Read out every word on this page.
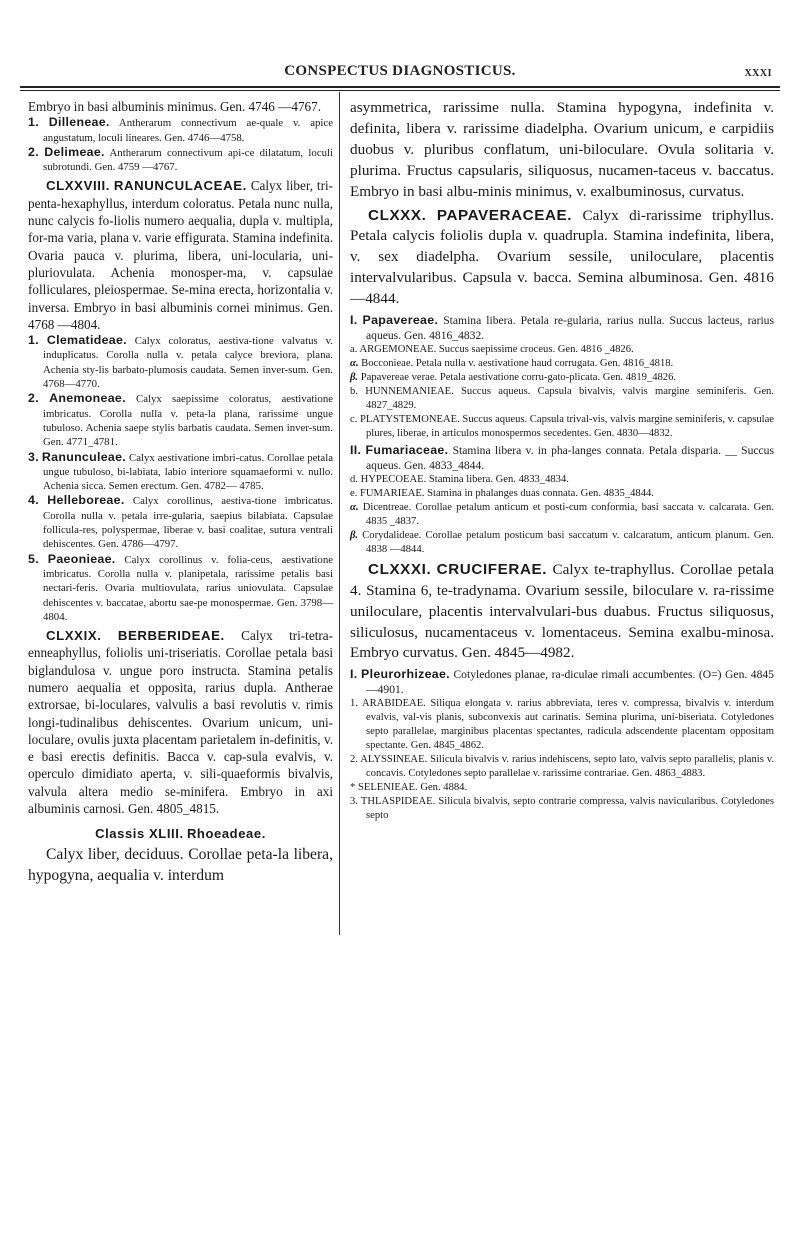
CONSPECTUS DIAGNOSTICUS.	XXXI

Embryo in basi albuminis minimus. Gen. 4746 —4767.

1. Dilleneae. Antherarum connectivum ae-quale v. apice angustatum, loculi lineares. Gen. 4746—4758.

2. Delimeae. Antherarum connectivum api-ce dilatatum, loculi subrotundi. Gen. 4759 —4767.

CLXXVIII. RANUNCULACEAE. Calyx liber, tri-penta-hexaphyllus, interdum coloratus. Petala nunc nulla, nunc calycis fo-liolis numero aequalia, dupla v. multipla, for-ma varia, plana v. varie effigurata. Stamina indefinita. Ovaria pauca v. plurima, libera, uni-locularia, uni-pluriovulata. Achenia monosper-ma, v. capsulae folliculares, pleiospermae. Se-mina erecta, horizontalia v. inversa. Embryo in basi albuminis cornei minimus. Gen. 4768 —4804.

1. Clematideae. Calyx coloratus, aestiva-tione valvatus v. induplicatus. Corolla nulla v. petala calyce breviora, plana. Achenia sty-lis barbato-plumosis caudata. Semen inver-sum. Gen. 4768—4770.

2. Anemoneae. Calyx saepissime coloratus, aestivatione imbricatus. Corolla nulla v. peta-la plana, rarissime ungue tubuloso. Achenia saepe stylis barbatis caudata. Semen inver-sum. Gen. 4771_4781.

3. Ranunculeae. Calyx aestivatione imbri-catus. Corollae petala ungue tubuloso, bi-labiata, labio interiore squamaeformi v. nullo. Achenia sicca. Semen erectum. Gen. 4782— 4785.

4. Helleboreae. Calyx corollinus, aestiva-tione imbricatus. Corolla nulla v. petala irre-gularia, saepius bilabiata. Capsulae follicula-res, polyspermae, liberae v. basi coalitae, sutura ventrali dehiscentes. Gen. 4786—4797.

5. Paeonieae. Calyx corollinus v. folia-ceus, aestivatione imbricatus. Corolla nulla v. planipetala, rarissime petalis basi nectari-feris. Ovaria multiovulata, rarius uniovulata. Capsulae dehiscentes v. baccatae, abortu sae-pe monospermae. Gen. 3798—4804.

CLXXIX. BERBERIDEAE. Calyx tri-tetra-enneaphyllus, foliolis uni-triseriatis. Corollae petala basi biglandulosa v. ungue poro instructa. Stamina petalis numero aequalia et opposita, rarius dupla. Antherae extrorsae, bi-loculares, valvulis a basi revolutis v. rimis longi-tudinalibus dehiscentes. Ovarium unicum, uni-loculare, ovulis juxta placentam parietalem in-definitis, v. e basi erectis definitis. Bacca v. cap-sula evalvis, v. operculo dimidiato aperta, v. sili-quaeformis bivalvis, valvula altera medio se-minifera. Embryo in axi albuminis carnosi. Gen. 4805_4815.

Classis XLIII. Rhoeadeae.

Calyx liber, deciduus. Corollae peta-la libera, hypogyna, aequalia v. interdum

asymmetrica, rarissime nulla. Stamina hypogyna, indefinita v. definita, libera v. rarissime diadelpha. Ovarium unicum, e carpidiis duobus v. pluribus conflatum, uni-biloculare. Ovula solitaria v. plurima. Fructus capsularis, siliquosus, nucamen-taceus v. baccatus. Embryo in basi albu-minis minimus, v. exalbuminosus, curvatus.

CLXXX. PAPAVERACEAE. Calyx di-rarissime triphyllus. Petala calycis foliolis dupla v. quadrupla. Stamina indefinita, libera, v. sex diadelpha. Ovarium sessile, uniloculare, placentis intervalvularibus. Capsula v. bacca. Semina albuminosa. Gen. 4816—4844.

I. Papavereae. Stamina libera. Petala re-gularia, rarius nulla. Succus lacteus, rarius aqueus. Gen. 4816_4832.

a. ARGEMONEAE. Succus saepissime croceus. Gen. 4816 _4826.

α. Bocconieae. Petala nulla v. aestivatione haud corrugata. Gen. 4816_4818.

β. Papavereae verae. Petala aestivatione corru-gato-plicata. Gen. 4819_4826.

b. HUNNEMANIEAE. Succus aqueus. Capsula bivalvis, valvis margine seminiferis. Gen. 4827_4829.

c. PLATYSTEMONEAE. Succus aqueus. Capsula trival-vis, valvis margine seminiferis, v. capsulae plures, liberae, in articulos monospermos secedentes. Gen. 4830—4832.

II. Fumariaceae. Stamina libera v. in pha-langes connata. Petala disparia. __ Succus aqueus. Gen. 4833_4844.

d. HYPECOEAE. Stamina libera. Gen. 4833_4834.

e. FUMARIEAE. Stamina in phalanges duas connata. Gen. 4835_4844.

α. Dicentreae. Corollae petalum anticum et posti-cum conformia, basi saccata v. calcarata. Gen. 4835 _4837.

β. Corydalideae. Corollae petalum posticum basi saccatum v. calcaratum, anticum planum. Gen. 4838 —4844.

CLXXXI. CRUCIFERAE. Calyx te-traphyllus. Corollae petala 4. Stamina 6, te-tradynama. Ovarium sessile, biloculare v. ra-rissime uniloculare, placentis intervalvulari-bus duabus. Fructus siliquosus, siliculosus, nucamentaceus v. lomentaceus. Semina exalbu-minosa. Embryo curvatus. Gen. 4845—4982.

I. Pleurorhizeae. Cotyledones planae, ra-diculae rimali accumbentes. (O=) Gen. 4845 —4901.

1. ARABIDEAE. Siliqua elongata v. rarius abbreviata, teres v. compressa, bivalvis v. interdum evalvis, val-vis planis, subconvexis aut carinatis. Semina plurima, uni-biseriata. Cotyledones septo parallelae, marginibus placentas spectantes, radicula adscendente placentam oppositam spectante. Gen. 4845_4862.

2. ALYSSINEAE. Silicula bivalvis v. rarius indehiscens, septo lato, valvis septo parallelis, planis v. concavis. Cotyledones septo parallelae v. rarissime contrariae. Gen. 4863_4883.

* SELENIEAE. Gen. 4884.

3. THLASPIDEAE. Silicula bivalvis, septo contrarie compressa, valvis navicularibus. Cotyledones septo
